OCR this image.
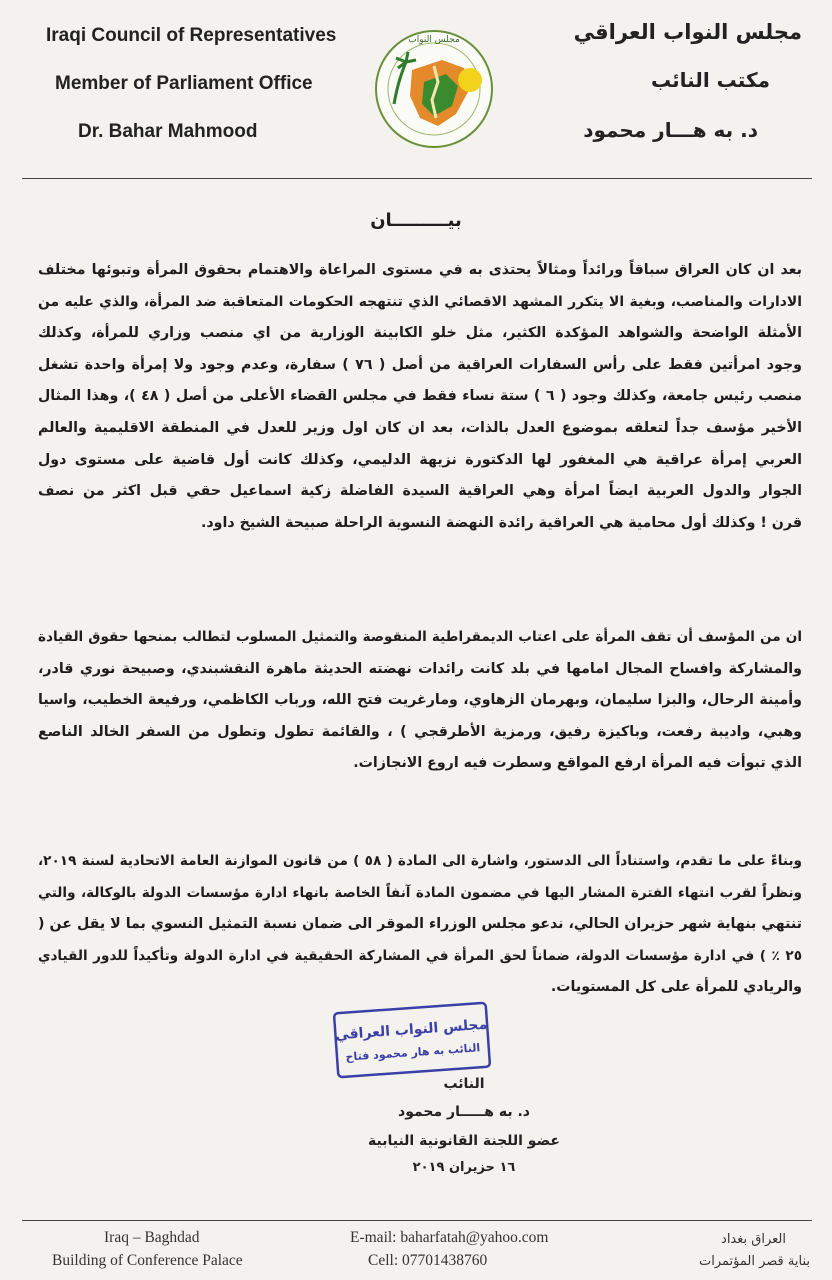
Iraqi Council of Representatives
Member of Parliament Office
Dr. Bahar Mahmood
مجلس النواب	مجلس النواب العراقي
مكتب النائب
د. به هـــار محمود
بيـــــــــان
بعد ان كان العراق سباقاً ورائداً ومثالاً يحتذى به في مستوى المراعاة والاهتمام بحقوق المرأة وتبوئها مختلف
الادارات والمناصب، وبغية الا يتكرر المشهد الاقصائي الذي تنتهجه الحكومات المتعاقبة ضد المرأة، والذي عليه من
الأمثلة الواضحة والشواهد المؤكدة الكثير، مثل خلو الكابينة الوزارية من اي منصب وزاري للمرأة، وكذلك
وجود امرأتين فقط على رأس السفارات العراقية من أصل ( ٧٦ ) سفارة، وعدم وجود ولا إمرأة واحدة تشغل
منصب رئيس جامعة، وكذلك وجود ( ٦ ) ستة نساء فقط في مجلس القضاء الأعلى من أصل ( ٤٨ )، وهذا المثال
الأخير مؤسف جداً لتعلقه بموضوع العدل بالذات، بعد ان كان اول وزير للعدل في المنطقة الاقليمية والعالم
العربي إمرأة عراقية هي المغفور لها الدكتورة نزيهة الدليمي، وكذلك كانت أول قاضية على مستوى دول
الجوار والدول العربية ايضاً امرأة وهي العراقية السيدة الفاضلة زكية اسماعيل حقي قبل اكثر من نصف
قرن ! وكذلك أول محامية هي العراقية رائدة النهضة النسوية الراحلة صبيحة الشيخ داود.
ان من المؤسف أن تقف المرأة على اعتاب الديمقراطية المنقوصة والتمثيل المسلوب لتطالب بمنحها حقوق القيادة
والمشاركة وافساح المجال امامها في بلد كانت رائدات نهضته الحديثة ماهرة النقشبندي، وصبيحة نوري قادر،
وأمينة الرحال، والبزا سليمان، وبهرمان الزهاوي، ومارغريت فتح الله، ورباب الكاظمي، ورفيعة الخطيب، واسيا
وهبي، واديبة رفعت، وباكيزة رفيق، ورمزية الأطرقجي ) ، والقائمة تطول وتطول من السفر الخالد الناصع
الذي تبوأت فيه المرأة ارفع المواقع وسطرت فيه اروع الانجازات.
وبناءً على ما تقدم، واستناداً الى الدستور، واشارة الى المادة ( ٥٨ ) من قانون الموازنة العامة الاتحادية لسنة ٢٠١٩،
ونظراً لقرب انتهاء الفترة المشار اليها في مضمون المادة آنفاً الخاصة بانهاء ادارة مؤسسات الدولة بالوكالة، والتي
تنتهي بنهاية شهر حزيران الحالي، ندعو مجلس الوزراء الموقر الى ضمان نسبة التمثيل النسوي بما لا يقل عن (
٢٥ ٪ ) في ادارة مؤسسات الدولة، ضماناً لحق المرأة في المشاركة الحقيقية في ادارة الدولة وتأكيداً للدور القيادي
والريادي للمرأة على كل المستويات.
مجلس النواب العراقي
النائب به هار محمود فتاح
النائب
د. به هـــــار محمود
عضو اللجنة القانونية النيابية
١٦ حزيران ٢٠١٩
Iraq – Baghdad
Building of Conference Palace
E-mail: baharfatah@yahoo.com
Cell: 07701438760
العراق بغداد
بناية قصر المؤتمرات
